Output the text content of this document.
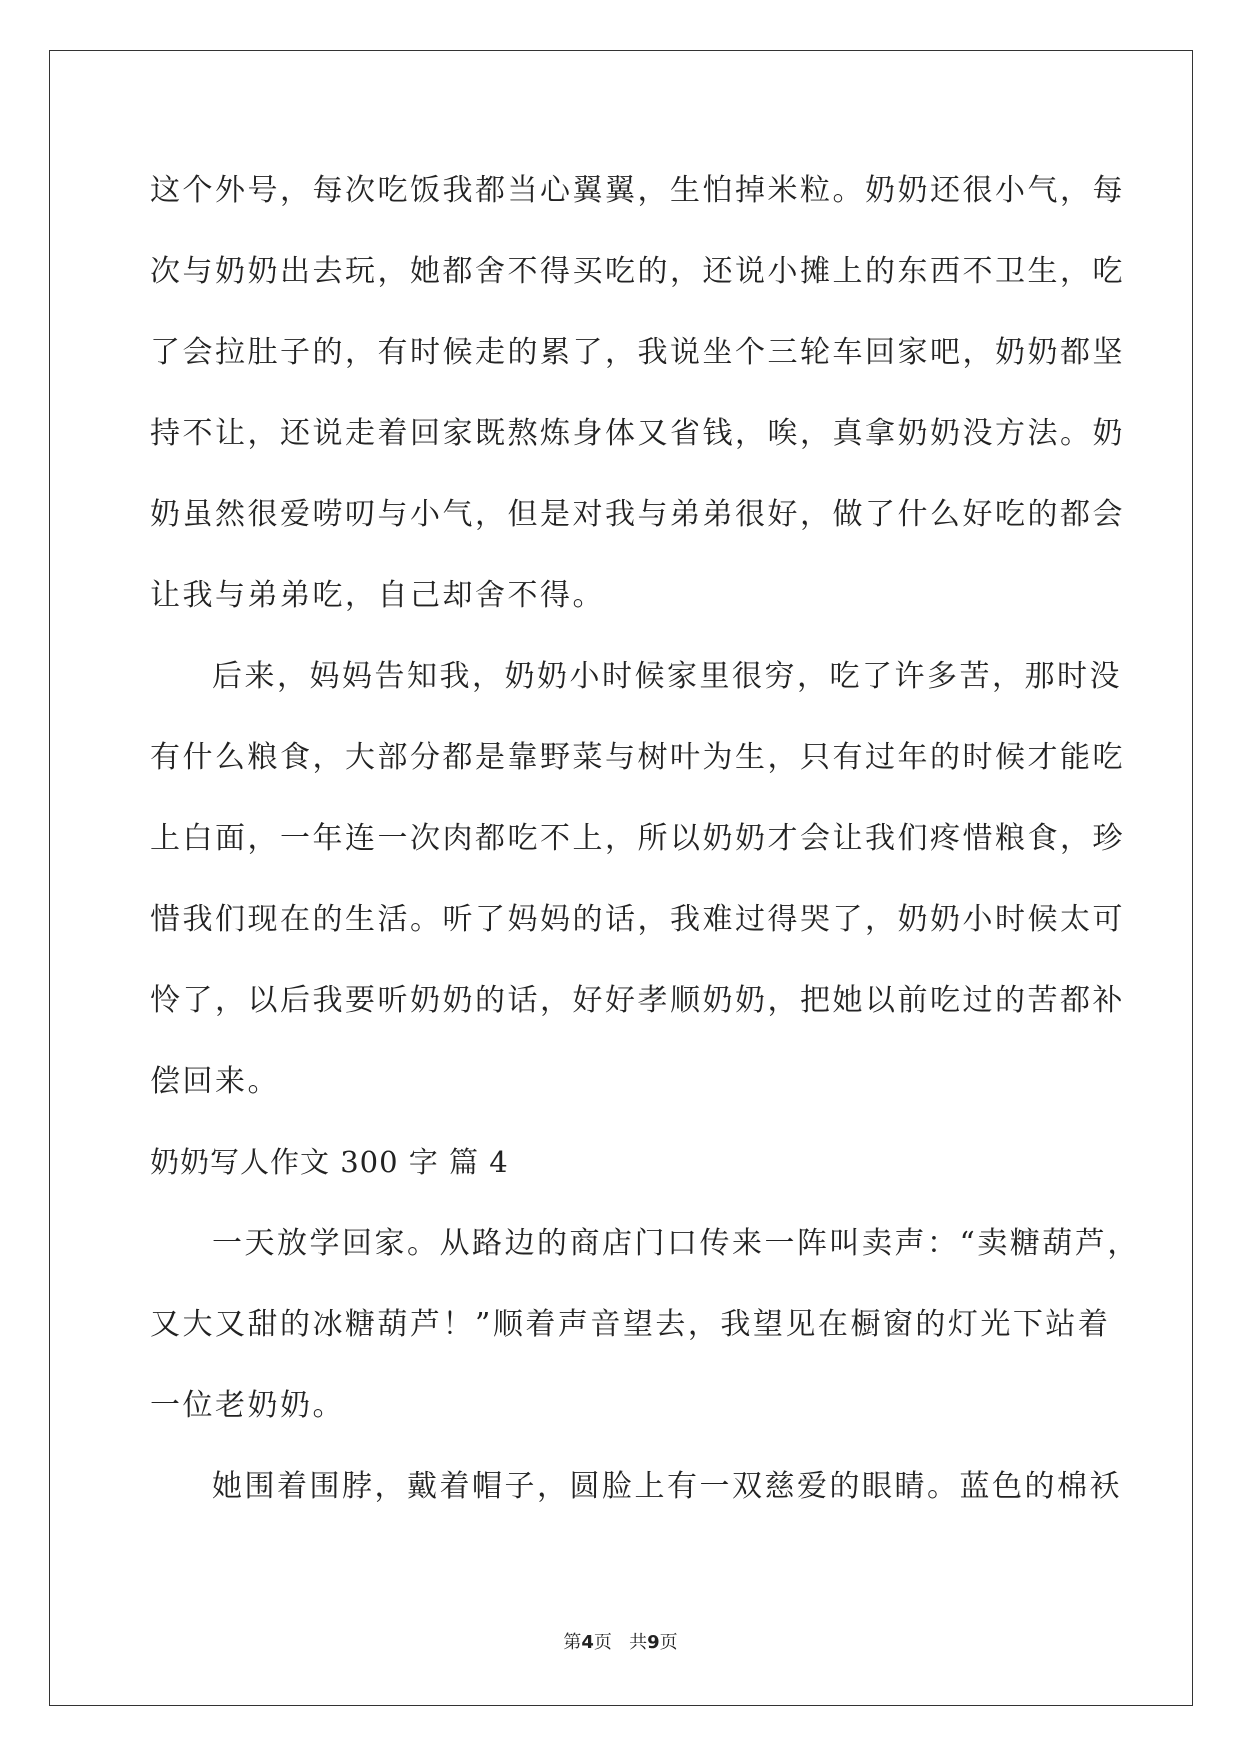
这个外号，每次吃饭我都当心翼翼，生怕掉米粒。奶奶还很小气，每
次与奶奶出去玩，她都舍不得买吃的，还说小摊上的东西不卫生，吃
了会拉肚子的，有时候走的累了，我说坐个三轮车回家吧，奶奶都坚
持不让，还说走着回家既熬炼身体又省钱，唉，真拿奶奶没方法。奶
奶虽然很爱唠叨与小气，但是对我与弟弟很好，做了什么好吃的都会
让我与弟弟吃，自己却舍不得。
后来，妈妈告知我，奶奶小时候家里很穷，吃了许多苦，那时没
有什么粮食，大部分都是靠野菜与树叶为生，只有过年的时候才能吃
上白面，一年连一次肉都吃不上，所以奶奶才会让我们疼惜粮食，珍
惜我们现在的生活。听了妈妈的话，我难过得哭了，奶奶小时候太可
怜了，以后我要听奶奶的话，好好孝顺奶奶，把她以前吃过的苦都补
偿回来。
奶奶写人作文 300 字 篇 4
一天放学回家。从路边的商店门口传来一阵叫卖声：“卖糖葫芦，
又大又甜的冰糖葫芦！”顺着声音望去，我望见在橱窗的灯光下站着
一位老奶奶。
她围着围脖，戴着帽子，圆脸上有一双慈爱的眼睛。蓝色的棉袄
第4页   共9页
